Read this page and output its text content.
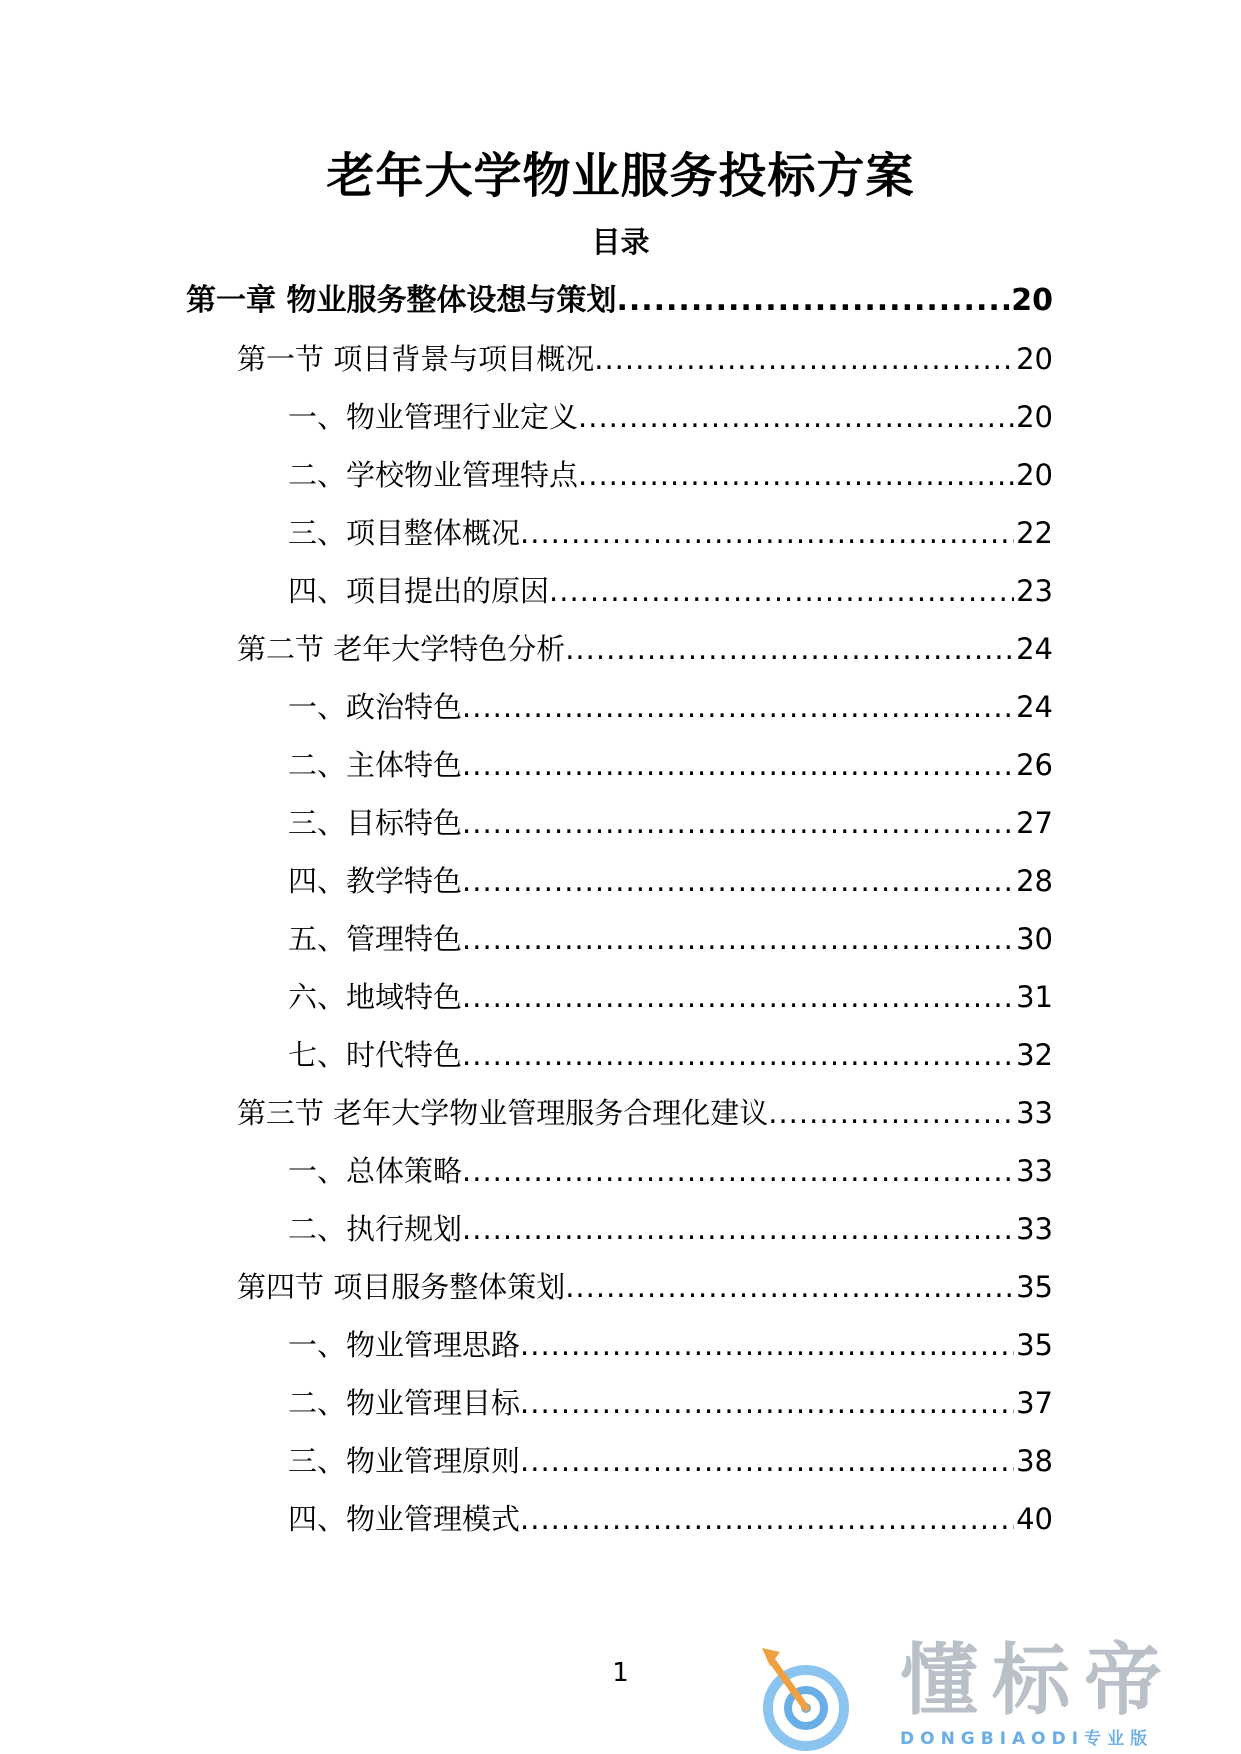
老年大学物业服务投标方案
目录
第一章 物业服务整体设想与策划 .....	20
第一节 项目背景与项目概况 .....	20
一、物业管理行业定义 .....	20
二、学校物业管理特点 .....	20
三、项目整体概况 .....	22
四、项目提出的原因 .....	23
第二节 老年大学特色分析 .....	24
一、政治特色 .....	24
二、主体特色 .....	26
三、目标特色 .....	27
四、教学特色 .....	28
五、管理特色 .....	30
六、地域特色 .....	31
七、时代特色 .....	32
第三节 老年大学物业管理服务合理化建议 .....	33
一、总体策略 .....	33
二、执行规划 .....	33
第四节 项目服务整体策划 .....	35
一、物业管理思路 .....	35
二、物业管理目标 .....	37
三、物业管理原则 .....	38
四、物业管理模式 .....	40
1	懂标帝
DONGBIAODI专业版
